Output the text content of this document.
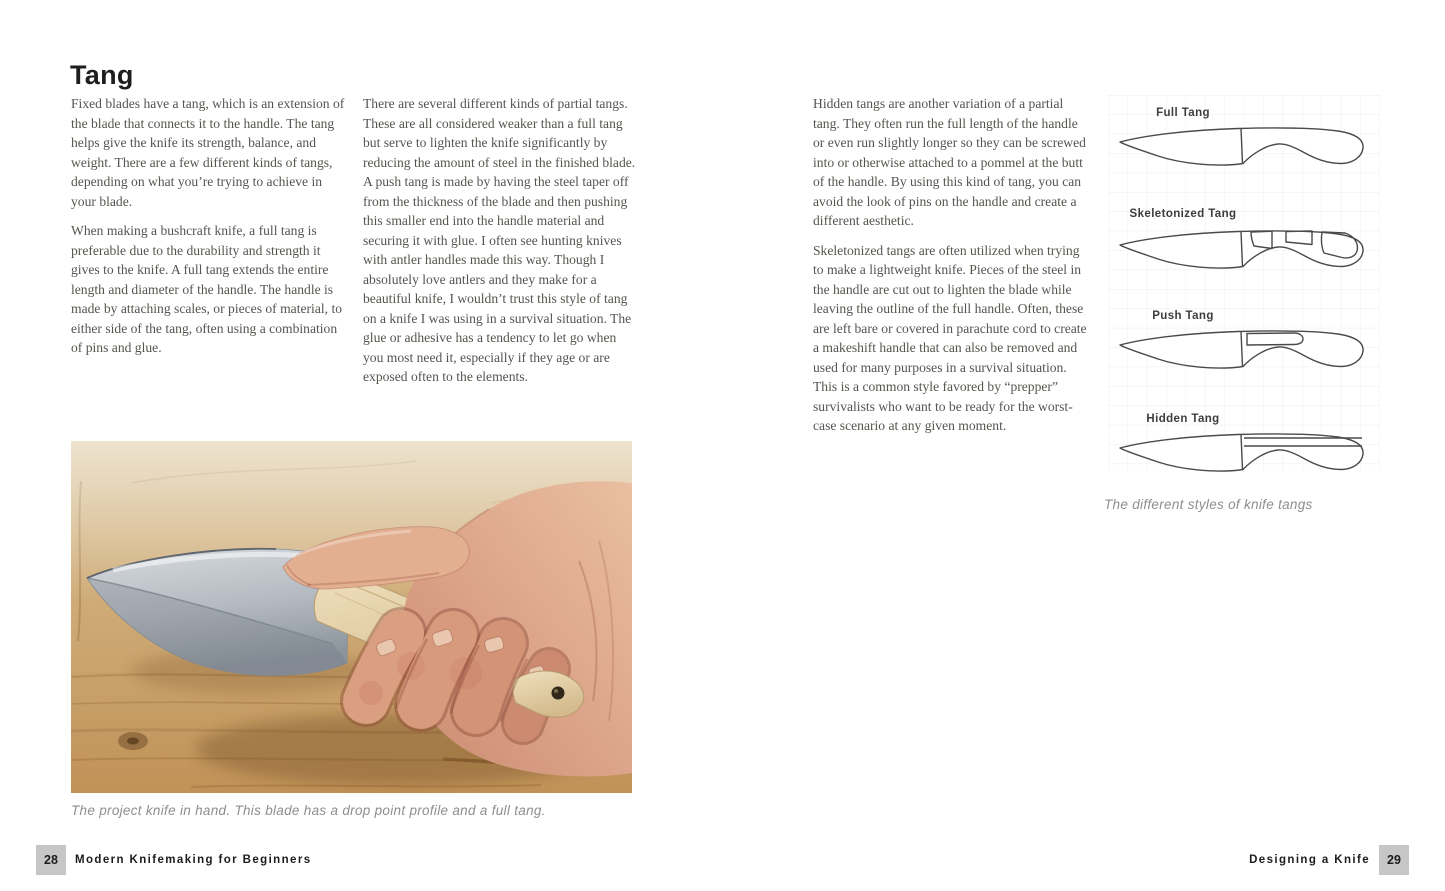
Tang

Fixed blades have a tang, which is an extension of the blade that connects it to the handle. The tang helps give the knife its strength, balance, and weight. There are a few different kinds of tangs, depending on what you’re trying to achieve in your blade.

When making a bushcraft knife, a full tang is preferable due to the durability and strength it gives to the knife. A full tang extends the entire length and diameter of the handle. The handle is made by attaching scales, or pieces of material, to either side of the tang, often using a combination of pins and glue.

There are several different kinds of partial tangs. These are all considered weaker than a full tang but serve to lighten the knife significantly by reducing the amount of steel in the finished blade. A push tang is made by having the steel taper off from the thickness of the blade and then pushing this smaller end into the handle material and securing it with glue. I often see hunting knives with antler handles made this way. Though I absolutely love antlers and they make for a beautiful knife, I wouldn’t trust this style of tang on a knife I was using in a survival situation. The glue or adhesive has a tendency to let go when you most need it, especially if they age or are exposed often to the elements.

The project knife in hand. This blade has a drop point profile and a full tang.

Hidden tangs are another variation of a partial tang. They often run the full length of the handle or even run slightly longer so they can be screwed into or otherwise attached to a pommel at the butt of the handle. By using this kind of tang, you can avoid the look of pins on the handle and create a different aesthetic.

Skeletonized tangs are often utilized when trying to make a lightweight knife. Pieces of the steel in the handle are cut out to lighten the blade while leaving the outline of the full handle. Often, these are left bare or covered in parachute cord to create a makeshift handle that can also be removed and used for many purposes in a survival situation. This is a common style favored by “prepper” survivalists who want to be ready for the worst-case scenario at any given moment.

Full Tang
Skeletonized Tang
Push Tang
Hidden Tang
The different styles of knife tangs
28	Modern Knifemaking for Beginners	Designing a Knife	29
